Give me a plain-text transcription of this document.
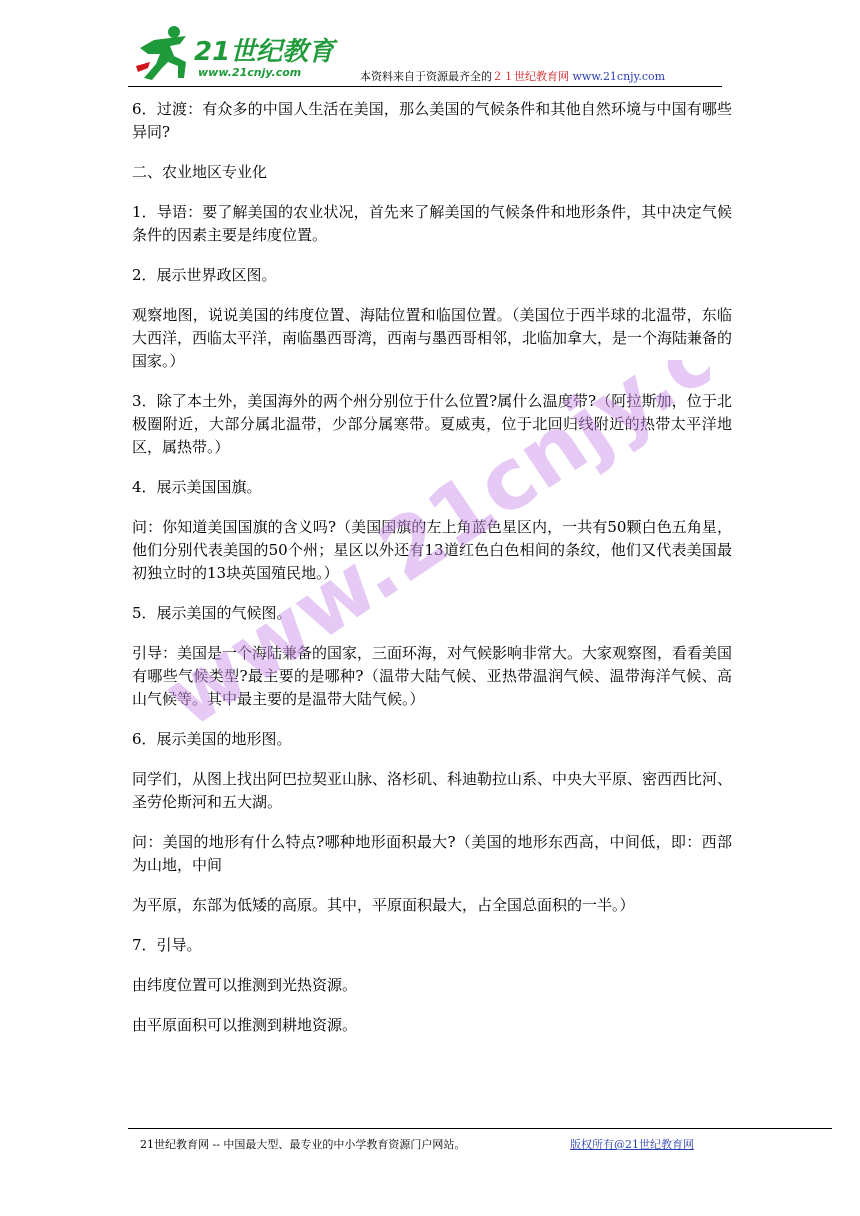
21世纪教育
www.21cnjy.com	本资料来自于资源最齐全的２１世纪教育网 www.21cnjy.com

6．过渡：有众多的中国人生活在美国，那么美国的气候条件和其他自然环境与中国有哪些异同?

二、农业地区专业化

1．导语：要了解美国的农业状况，首先来了解美国的气候条件和地形条件，其中决定气候条件的因素主要是纬度位置。

2．展示世界政区图。

观察地图，说说美国的纬度位置、海陆位置和临国位置。（美国位于西半球的北温带，东临大西洋，西临太平洋，南临墨西哥湾，西南与墨西哥相邻，北临加拿大，是一个海陆兼备的国家。）

3．除了本土外，美国海外的两个州分别位于什么位置?属什么温度带?（阿拉斯加，位于北极圈附近，大部分属北温带，少部分属寒带。夏威夷，位于北回归线附近的热带太平洋地区，属热带。）

4．展示美国国旗。

问：你知道美国国旗的含义吗?（美国国旗的左上角蓝色星区内，一共有50颗白色五角星，他们分别代表美国的50个州；星区以外还有13道红色白色相间的条纹，他们又代表美国最初独立时的13块英国殖民地。）

5．展示美国的气候图。

引导：美国是一个海陆兼备的国家，三面环海，对气候影响非常大。大家观察图，看看美国有哪些气候类型?最主要的是哪种?（温带大陆气候、亚热带温润气候、温带海洋气候、高山气候等。其中最主要的是温带大陆气候。）

6．展示美国的地形图。

同学们，从图上找出阿巴拉契亚山脉、洛杉矶、科迪勒拉山系、中央大平原、密西西比河、圣劳伦斯河和五大湖。

问：美国的地形有什么特点?哪种地形面积最大?（美国的地形东西高，中间低，即：西部为山地，中间

为平原，东部为低矮的高原。其中，平原面积最大，占全国总面积的一半。）

7．引导。

由纬度位置可以推测到光热资源。

由平原面积可以推测到耕地资源。

www.21cnjy.com
21世纪教育网 -- 中国最大型、最专业的中小学教育资源门户网站。	版权所有@21世纪教育网
